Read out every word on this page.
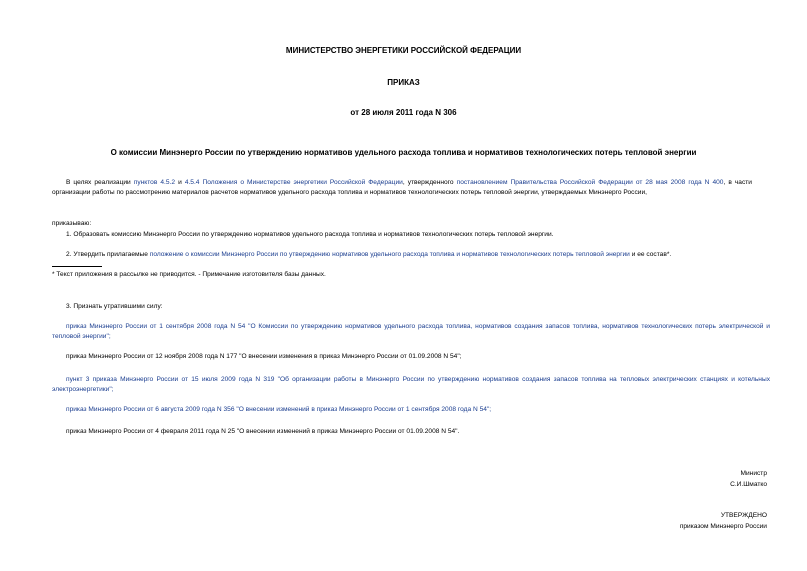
МИНИСТЕРСТВО ЭНЕРГЕТИКИ РОССИЙСКОЙ ФЕДЕРАЦИИ
ПРИКАЗ
от 28 июля 2011 года N 306
О комиссии Минэнерго России по утверждению нормативов удельного расхода топлива и нормативов технологических потерь тепловой энергии
В целях реализации пунктов 4.5.2 и 4.5.4 Положения о Министерстве энергетики Российской Федерации, утвержденного постановлением Правительства Российской Федерации от 28 мая 2008 года N 400, в части организации работы по рассмотрению материалов расчетов нормативов удельного расхода топлива и нормативов технологических потерь тепловой энергии, утверждаемых Минэнерго России,
приказываю:
1. Образовать комиссию Минэнерго России по утверждению нормативов удельного расхода топлива и нормативов технологических потерь тепловой энергии.
2. Утвердить прилагаемые положение о комиссии Минэнерго России по утверждению нормативов удельного расхода топлива и нормативов технологических потерь тепловой энергии и ее состав*.
* Текст приложения в рассылке не приводится. - Примечание изготовителя базы данных.
3. Признать утратившими силу:
приказ Минэнерго России от 1 сентября 2008 года N 54 "О Комиссии по утверждению нормативов удельного расхода топлива, нормативов создания запасов топлива, нормативов технологических потерь электрической и тепловой энергии";
приказ Минэнерго России от 12 ноября 2008 года N 177 "О внесении изменения в приказ Минэнерго России от 01.09.2008 N 54";
пункт 3 приказа Минэнерго России от 15 июля 2009 года N 319 "Об организации работы в Минэнерго России по утверждению нормативов создания запасов топлива на тепловых электрических станциях и котельных электроэнергетики";
приказ Минэнерго России от 6 августа 2009 года N 356 "О внесении изменений в приказ Минэнерго России от 1 сентября 2008 года N 54";
приказ Минэнерго России от 4 февраля 2011 года N 25 "О внесении изменений в приказ Минэнерго России от 01.09.2008 N 54".
Министр
С.И.Шматко
УТВЕРЖДЕНО
приказом Минэнерго России
